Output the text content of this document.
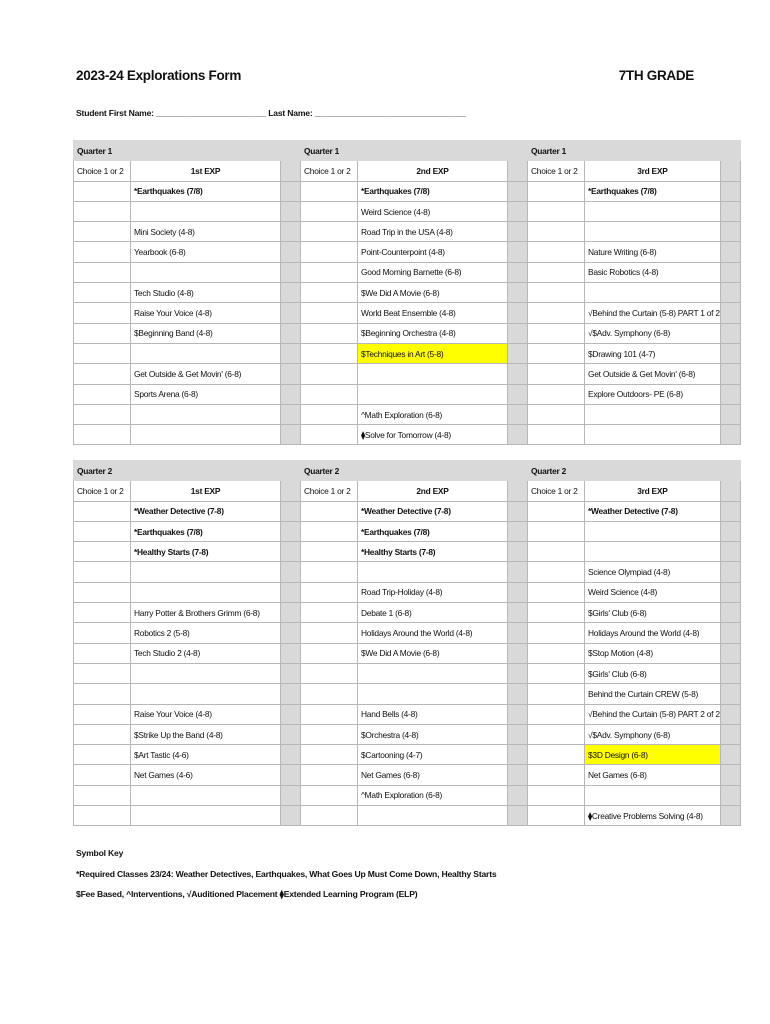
2023-24 Explorations Form	7TH GRADE
Student First Name: ________________________ Last Name: _________________________________
Quarter 1			Quarter 1			Quarter 1		
Choice 1 or 2	1st EXP		Choice 1 or 2	2nd EXP		Choice 1 or 2	3rd EXP	
	*Earthquakes (7/8)			*Earthquakes (7/8)			*Earthquakes (7/8)	
				Weird Science (4-8)				
	Mini Society (4-8)			Road Trip in the USA (4-8)				
	Yearbook (6-8)			Point-Counterpoint (4-8)			Nature Writing (6-8)	
				Good Morning Barnette (6-8)			Basic Robotics (4-8)	
	Tech Studio (4-8)			$We Did A Movie (6-8)				
	Raise Your Voice (4-8)			World Beat Ensemble (4-8)			√Behind the Curtain (5-8) PART 1 of 2	
	$Beginning Band (4-8)			$Beginning Orchestra (4-8)			√$Adv. Symphony (6-8)	
				$Techniques in Art (5-8)			$Drawing 101 (4-7)	
	Get Outside & Get Movin' (6-8)						Get Outside & Get Movin' (6-8)	
	Sports Arena (6-8)						Explore Outdoors- PE (6-8)	
				^Math Exploration (6-8)				
				⧫Solve for Tomorrow (4-8)				
Quarter 2			Quarter 2			Quarter 2		
Choice 1 or 2	1st EXP		Choice 1 or 2	2nd EXP		Choice 1 or 2	3rd EXP	
	*Weather Detective (7-8)			*Weather Detective (7-8)			*Weather Detective (7-8)	
	*Earthquakes (7/8)			*Earthquakes (7/8)				
	*Healthy Starts (7-8)			*Healthy Starts (7-8)				
							Science Olympiad (4-8)	
				Road Trip-Holiday (4-8)			Weird Science (4-8)	
	Harry Potter & Brothers Grimm (6-8)			Debate 1 (6-8)			$Girls' Club (6-8)	
	Robotics 2 (5-8)			Holidays Around the World (4-8)			Holidays Around the World (4-8)	
	Tech Studio 2 (4-8)			$We Did A Movie (6-8)			$Stop Motion (4-8)	
							$Girls' Club (6-8)	
							Behind the Curtain CREW (5-8)	
	Raise Your Voice (4-8)			Hand Bells (4-8)			√Behind the Curtain (5-8) PART 2 of 2	
	$Strike Up the Band (4-8)			$Orchestra (4-8)			√$Adv. Symphony (6-8)	
	$Art Tastic (4-6)			$Cartooning (4-7)			$3D Design (6-8)	
	Net Games (4-6)			Net Games (6-8)			Net Games (6-8)	
				^Math Exploration (6-8)				
							⧫Creative Problems Solving (4-8)	
Symbol Key
*Required Classes 23/24: Weather Detectives, Earthquakes, What Goes Up Must Come Down, Healthy Starts
$Fee Based, ^Interventions, √Auditioned Placement ⧫Extended Learning Program (ELP)
